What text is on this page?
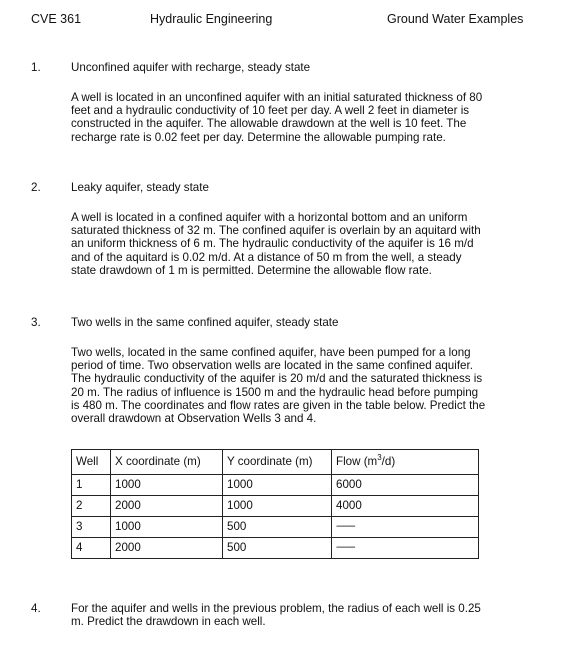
CVE 361	Hydraulic Engineering	Ground Water Examples
1.	Unconfined aquifer with recharge, steady state

A well is located in an unconfined aquifer with an initial saturated thickness of 80

feet and a hydraulic conductivity of 10 feet per day. A well 2 feet in diameter is

constructed in the aquifer. The allowable drawdown at the well is 10 feet. The

recharge rate is 0.02 feet per day. Determine the allowable pumping rate.

2.	Leaky aquifer, steady state

A well is located in a confined aquifer with a horizontal bottom and an uniform

saturated thickness of 32 m. The confined aquifer is overlain by an aquitard with

an uniform thickness of 6 m. The hydraulic conductivity of the aquifer is 16 m/d

and of the aquitard is 0.02 m/d. At a distance of 50 m from the well, a steady

state drawdown of 1 m is permitted. Determine the allowable flow rate.

3.	Two wells in the same confined aquifer, steady state

Two wells, located in the same confined aquifer, have been pumped for a long

period of time. Two observation wells are located in the same confined aquifer.

The hydraulic conductivity of the aquifer is 20 m/d and the saturated thickness is

20 m. The radius of influence is 1500 m and the hydraulic head before pumping

is 480 m. The coordinates and flow rates are given in the table below. Predict the

overall drawdown at Observation Wells 3 and 4.

Well	X coordinate (m)	Y coordinate (m)	Flow $(m^3/d)$
1	1000	1000	6000
2	2000	1000	4000
3	1000	500	--------
4	2000	500	--------
4.	For the aquifer and wells in the previous problem, the radius of each well is 0.25

m. Predict the drawdown in each well.
